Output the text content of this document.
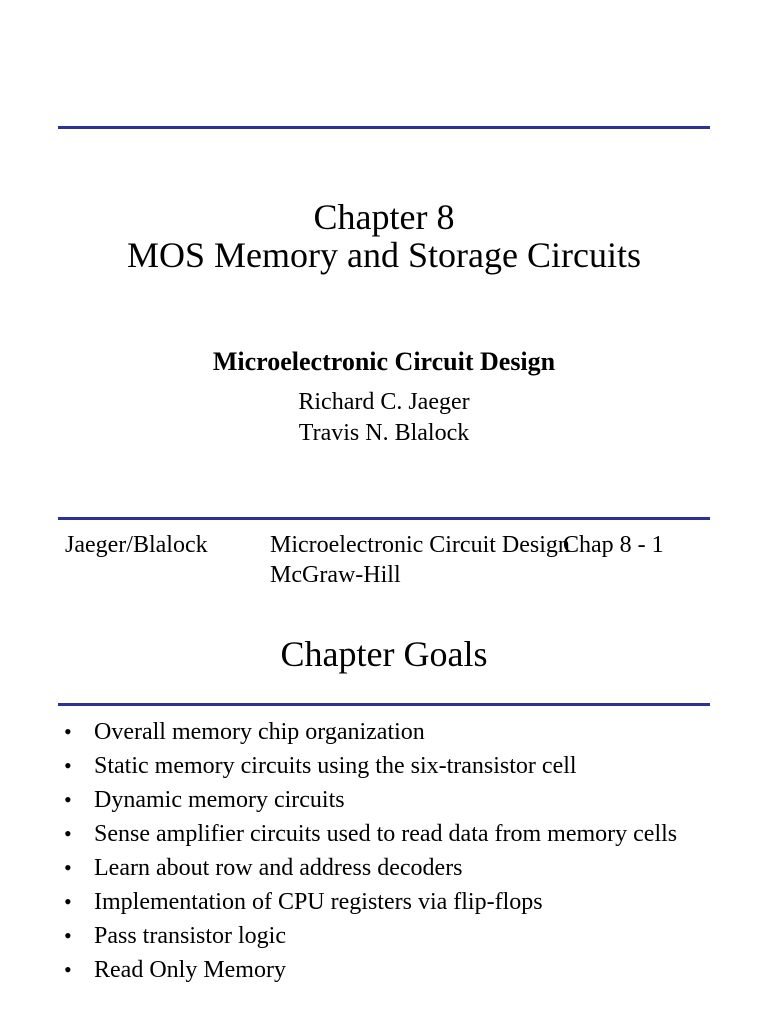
Chapter 8
MOS Memory and Storage Circuits
Microelectronic Circuit Design
Richard C. Jaeger
Travis N. Blalock
Jaeger/Blalock	Microelectronic Circuit Design McGraw-Hill
Chap 8 - 1
Chapter Goals
• Overall memory chip organization
• Static memory circuits using the six-transistor cell
• Dynamic memory circuits
• Sense amplifier circuits used to read data from memory cells
• Learn about row and address decoders
• Implementation of CPU registers via flip-flops
• Pass transistor logic
• Read Only Memory
